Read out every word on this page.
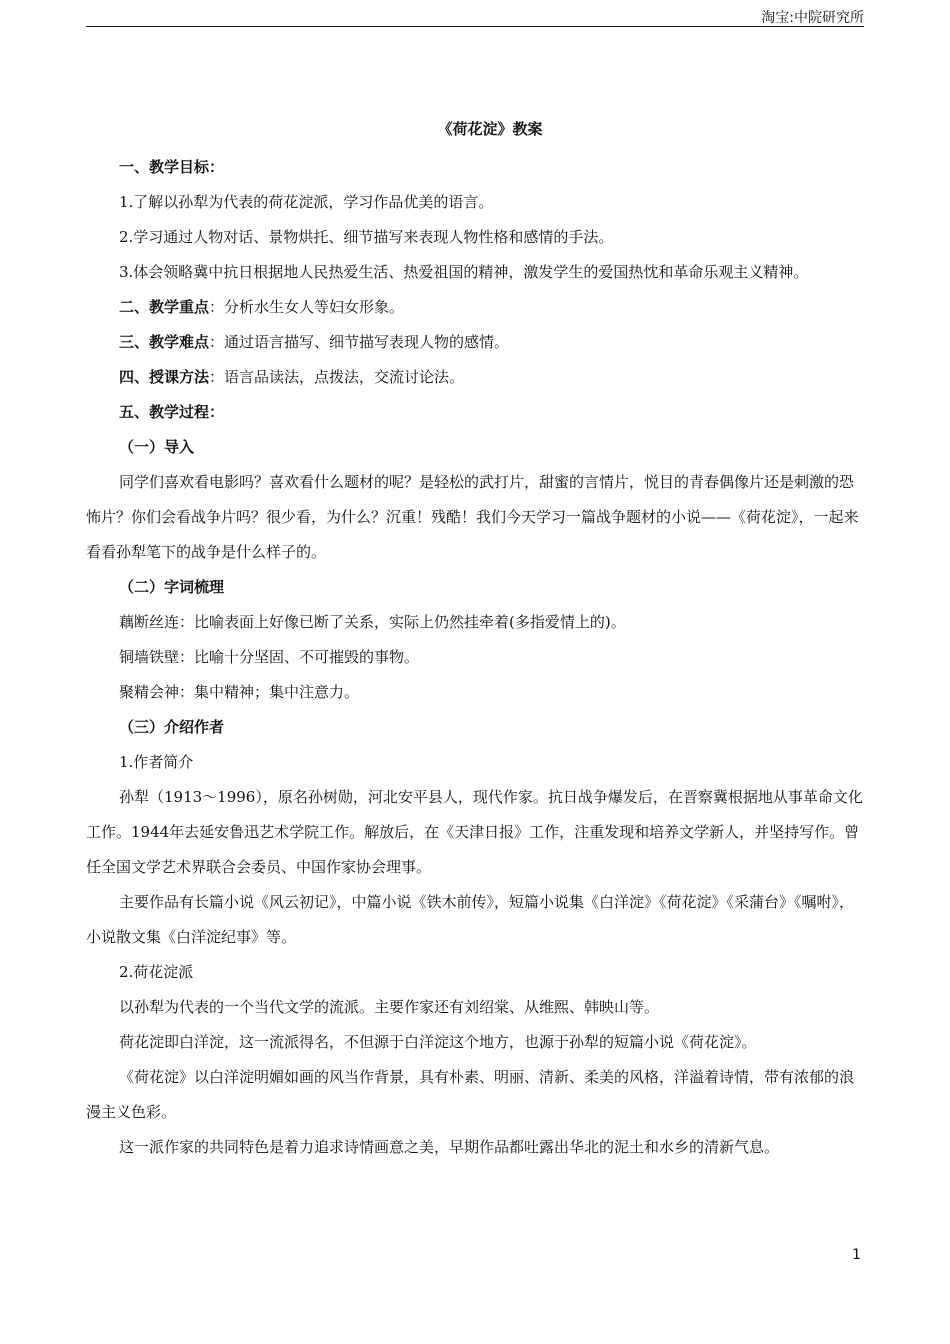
淘宝:中院研究所
《荷花淀》教案

一、教学目标：

1.了解以孙犁为代表的荷花淀派，学习作品优美的语言。

2.学习通过人物对话、景物烘托、细节描写来表现人物性格和感情的手法。

3.体会领略冀中抗日根据地人民热爱生活、热爱祖国的精神，激发学生的爱国热忱和革命乐观主义精神。

二、教学重点：分析水生女人等妇女形象。

三、教学难点：通过语言描写、细节描写表现人物的感情。

四、授课方法：语言品读法，点拨法，交流讨论法。

五、教学过程：

（一）导入

同学们喜欢看电影吗？喜欢看什么题材的呢？是轻松的武打片，甜蜜的言情片，悦目的青春偶像片还是刺激的恐怖片？你们会看战争片吗？很少看，为什么？沉重！残酷！我们今天学习一篇战争题材的小说——《荷花淀》，一起来看看孙犁笔下的战争是什么样子的。

（二）字词梳理

藕断丝连：比喻表面上好像已断了关系，实际上仍然挂牵着(多指爱情上的)。

铜墙铁壁：比喻十分坚固、不可摧毁的事物。

聚精会神：集中精神；集中注意力。

（三）介绍作者

1.作者简介

孙犁（1913～1996），原名孙树勋，河北安平县人，现代作家。抗日战争爆发后，在晋察冀根据地从事革命文化工作。1944年去延安鲁迅艺术学院工作。解放后，在《天津日报》工作，注重发现和培养文学新人，并坚持写作。曾任全国文学艺术界联合会委员、中国作家协会理事。

主要作品有长篇小说《风云初记》，中篇小说《铁木前传》，短篇小说集《白洋淀》《荷花淀》《采蒲台》《嘱咐》，小说散文集《白洋淀纪事》等。

2.荷花淀派

以孙犁为代表的一个当代文学的流派。主要作家还有刘绍棠、从维熙、韩映山等。

荷花淀即白洋淀，这一流派得名，不但源于白洋淀这个地方，也源于孙犁的短篇小说《荷花淀》。

《荷花淀》以白洋淀明媚如画的风当作背景，具有朴素、明丽、清新、柔美的风格，洋溢着诗情，带有浓郁的浪漫主义色彩。

这一派作家的共同特色是着力追求诗情画意之美，早期作品都吐露出华北的泥土和水乡的清新气息。

1
